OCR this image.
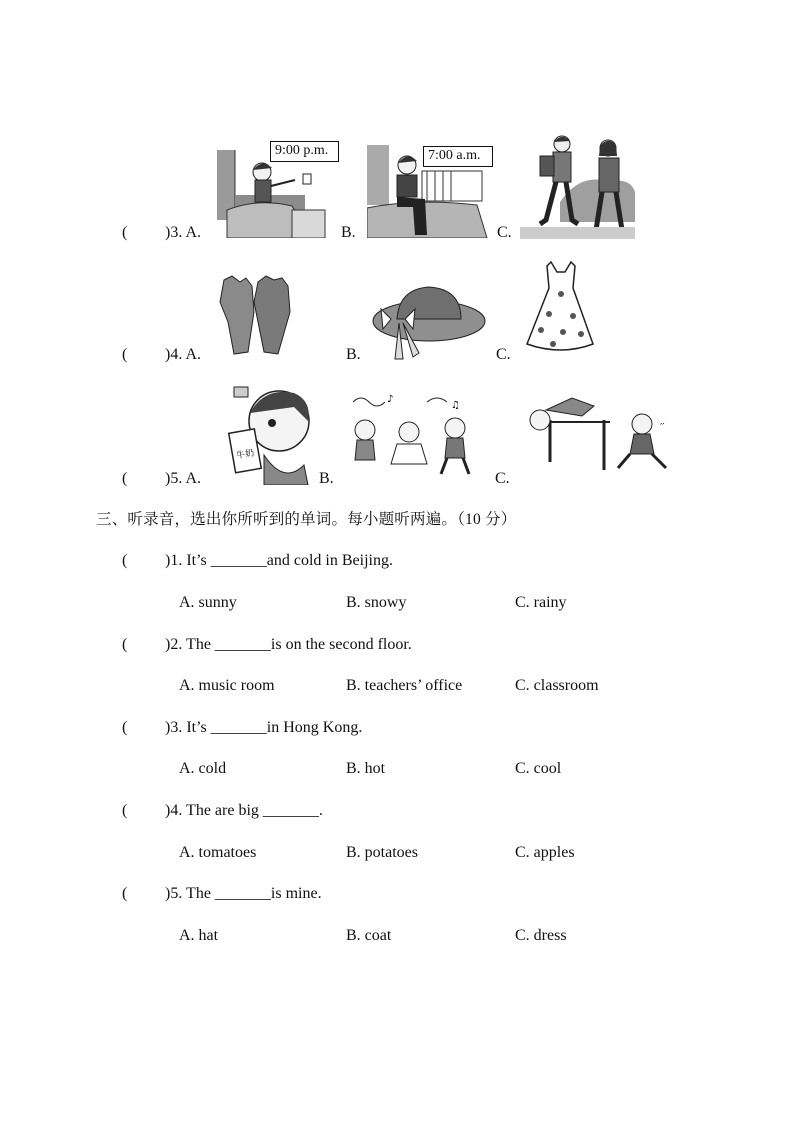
( )3. A.
9:00 p.m.
B.
7:00 a.m.
C.
( )4. A.	B.	C.
( )5. A.
牛奶
B.
♪
♫
C.
′′
三、听录音，选出你所听到的单词。每小题听两遍。（10 分）
( )1. It’s _______and cold in Beijing.
A. sunny	B. snowy	C. rainy
( )2. The _______is on the second floor.
A. music room	B. teachers’ office	C. classroom
( )3. It’s _______in Hong Kong.
A. cold	B. hot	C. cool
( )4. The are big _______.
A. tomatoes	B. potatoes	C. apples
( )5. The _______is mine.
A. hat	B. coat	C. dress
